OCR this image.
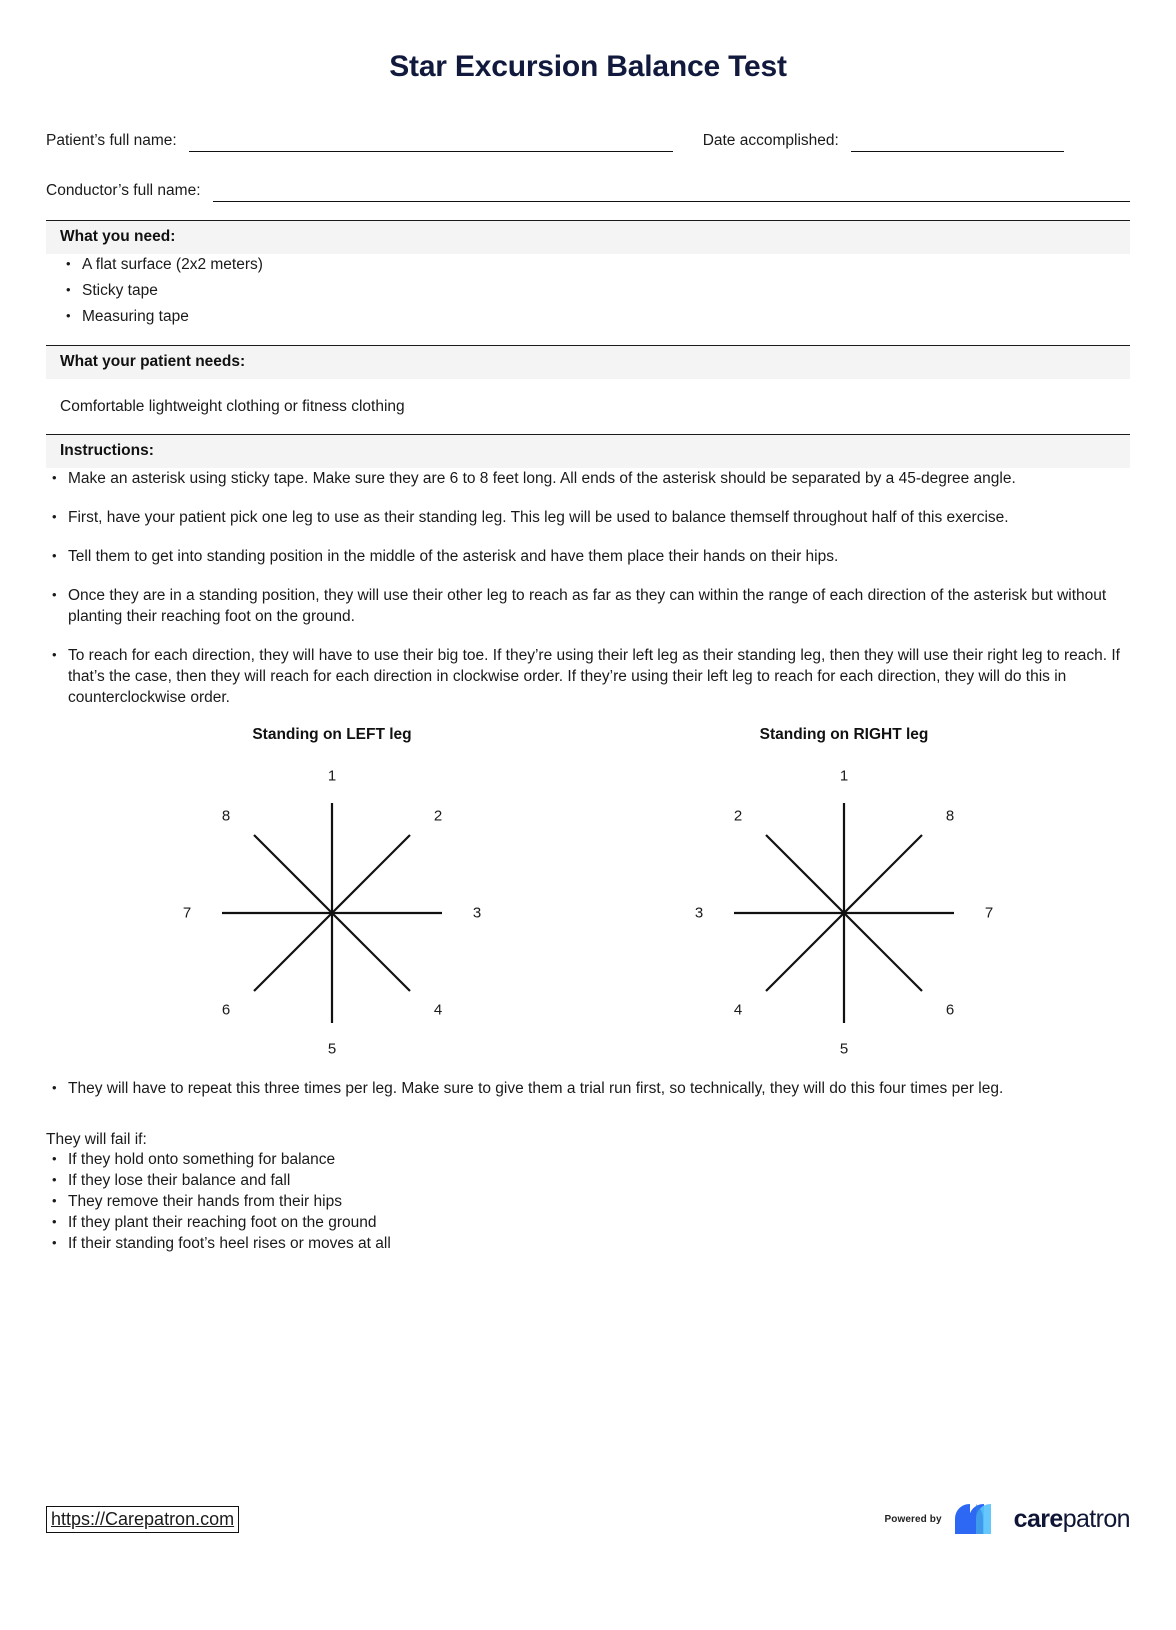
Star Excursion Balance Test
Patient’s full name:	Date accomplished:
Conductor’s full name:
What you need:
• A flat surface (2x2 meters)
• Sticky tape
• Measuring tape
What your patient needs:
Comfortable lightweight clothing or fitness clothing
Instructions:
• Make an asterisk using sticky tape. Make sure they are 6 to 8 feet long. All ends of the asterisk should be separated by a 45-degree angle.
• First, have your patient pick one leg to use as their standing leg. This leg will be used to balance themself throughout half of this exercise.
• Tell them to get into standing position in the middle of the asterisk and have them place their hands on their hips.
• Once they are in a standing position, they will use their other leg to reach as far as they can within the range of each direction of the asterisk but without planting their reaching foot on the ground.
• To reach for each direction, they will have to use their big toe. If they’re using their left leg as their standing leg, then they will use their right leg to reach. If that’s the case, then they will reach for each direction in clockwise order. If they’re using their left leg to reach for each direction, they will do this in counterclockwise order.
Standing on LEFT leg
1
2
3
4
5
6
7
8
Standing on RIGHT leg
1
8
7
6
5
4
3
2
• They will have to repeat this three times per leg. Make sure to give them a trial run first, so technically, they will do this four times per leg.
They will fail if:
• If they hold onto something for balance
• If they lose their balance and fall
• They remove their hands from their hips
• If they plant their reaching foot on the ground
• If their standing foot’s heel rises or moves at all
https://Carepatron.com	Powered by	carepatron
